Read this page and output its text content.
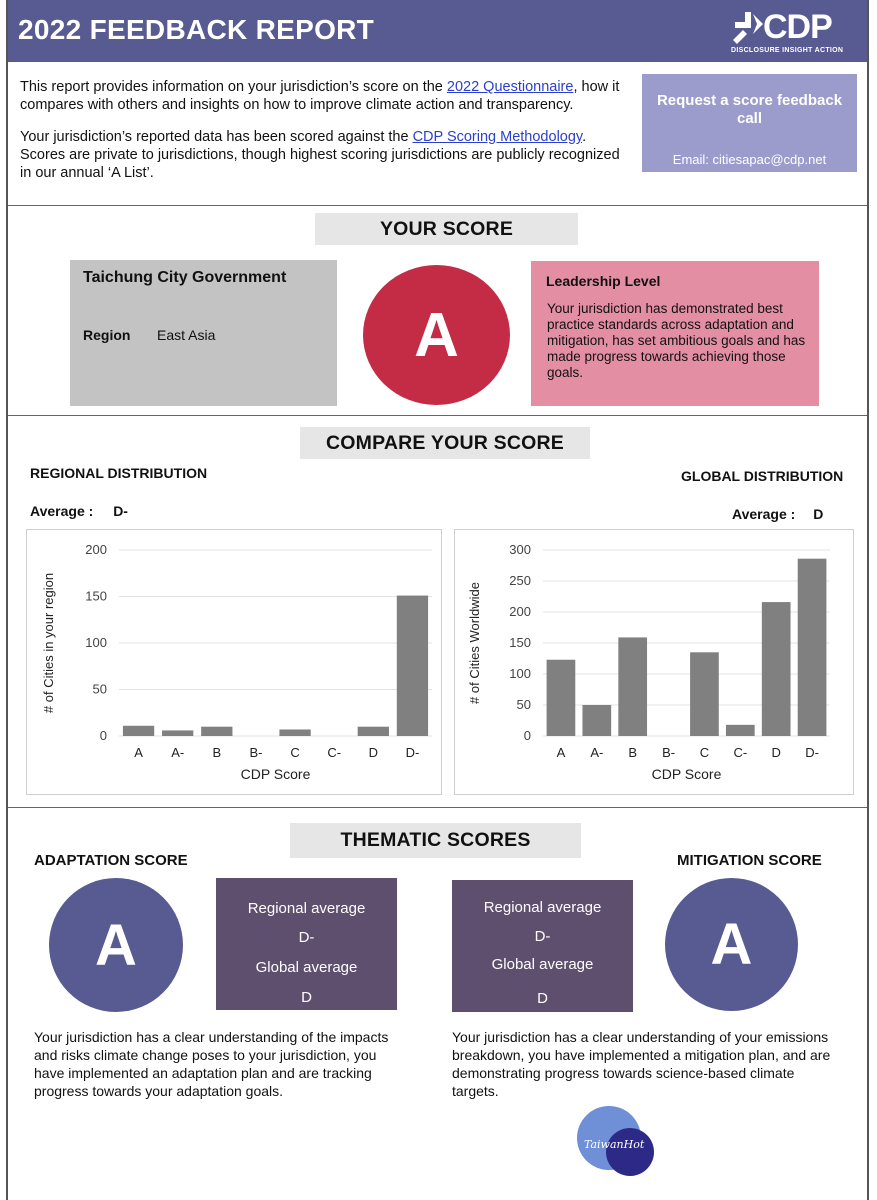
2022 FEEDBACK REPORT	CDP
DISCLOSURE INSIGHT ACTION

This report provides information on your jurisdiction’s score on the 2022 Questionnaire, how it compares with others and insights on how to improve climate action and transparency.

Your jurisdiction’s reported data has been scored against the CDP Scoring Methodology. Scores are private to jurisdictions, though highest scoring jurisdictions are publicly recognized in our annual ‘A List’.

Request a score feedback call
Email: citiesapac@cdp.net
YOUR SCORE
Taichung City Government
Region East Asia	A
Leadership Level
Your jurisdiction has demonstrated best practice standards across adaptation and mitigation, has set ambitious goals and has made progress towards achieving those goals.
COMPARE YOUR SCORE
REGIONAL DISTRIBUTION	GLOBAL DISTRIBUTION
Average : D-	Average : D
0
50
100
150
200
A A- B B- C C- D D-
CDP Score
# of Cities in your region
0
50
100
150
200
250
300
A A- B B- C C- D D-
CDP Score
# of Cities Worldwide
THEMATIC SCORES
ADAPTATION SCORE	MITIGATION SCORE
A
Regional average
D-
Global average
D
Regional average
D-
Global average
D
A
Your jurisdiction has a clear understanding of the impacts and risks climate change poses to your jurisdiction, you have implemented an adaptation plan and are tracking progress towards your adaptation goals.
Your jurisdiction has a clear understanding of your emissions breakdown, you have implemented a mitigation plan, and are demonstrating progress towards science-based climate targets.
TaiwanHot
